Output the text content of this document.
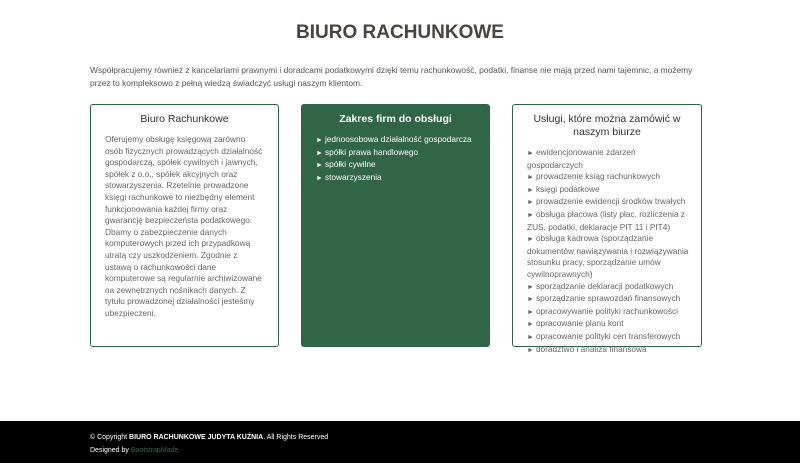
BIURO RACHUNKOWE

Współpracujemy również z kancelariami prawnymi i doradcami podatkowymi dzięki temu rachunkowość, podatki, finanse nie mają przed nami tajemnic, a możemy przez to kompleksowo z pełną wiedzą świadczyć usługi naszym klientom.

Biuro Rachunkowe

Oferujemy obsługę księgową zarówno osób fizycznych prowadzących działalność gospodarczą, spółek cywilnych i jawnych, spółek z o.o., spółek akcyjnych oraz stowarzyszenia. Rzetelnie prowadzone księgi rachunkowe to niezbędny element funkcjonowania każdej firmy oraz gwarancję bezpieczeństa podatkowego. Dbamy o zabezpieczenie danych komputerowych przed ich przypadkową utratą czy uszkodzeniem. Zgodnie z ustawą o rachunkowości dane komputerowe są regularnie archiwizowane na zewnętrznych nośnikach danych. Z tytułu prowadzonej działalności jesteśmy ubezpieczeni.

Zakres firm do obsługi
► jednoosobowa działalność gospodarcza
► spółki prawa handlowego
► spółki cywilne
► stowarzyszenia
Usługi, które można zamówić w naszym biurze
► ewidencjonowanie zdarzeń gospodarczych
► prowadzenie ksiąg rachunkowych
► księgi podatkowe
► prowadzenie ewidencji środków trwałych
► obsługa płacowa (listy płac, rozliczenia z ZUS, podatki, deklaracje PIT 11 i PIT4)
► obsługa kadrowa (sporządzanie dokumentów nawiązywania i rozwiązywania stosunku pracy, sporządzanie umów cywilnoprawnych)
► sporządzanie deklaracji podatkowych
► sporządzanie sprawozdań finansowych
► opracowywanie polityki rachunkowości
► opracowanie planu kont
► opracowanie polityki cen transferowych
► doradztwo i analiza finansowa
© Copyright BIURO RACHUNKOWE JUDYTA KUŹNIA. All Rights Reserved
Designed by BootstrapMade
